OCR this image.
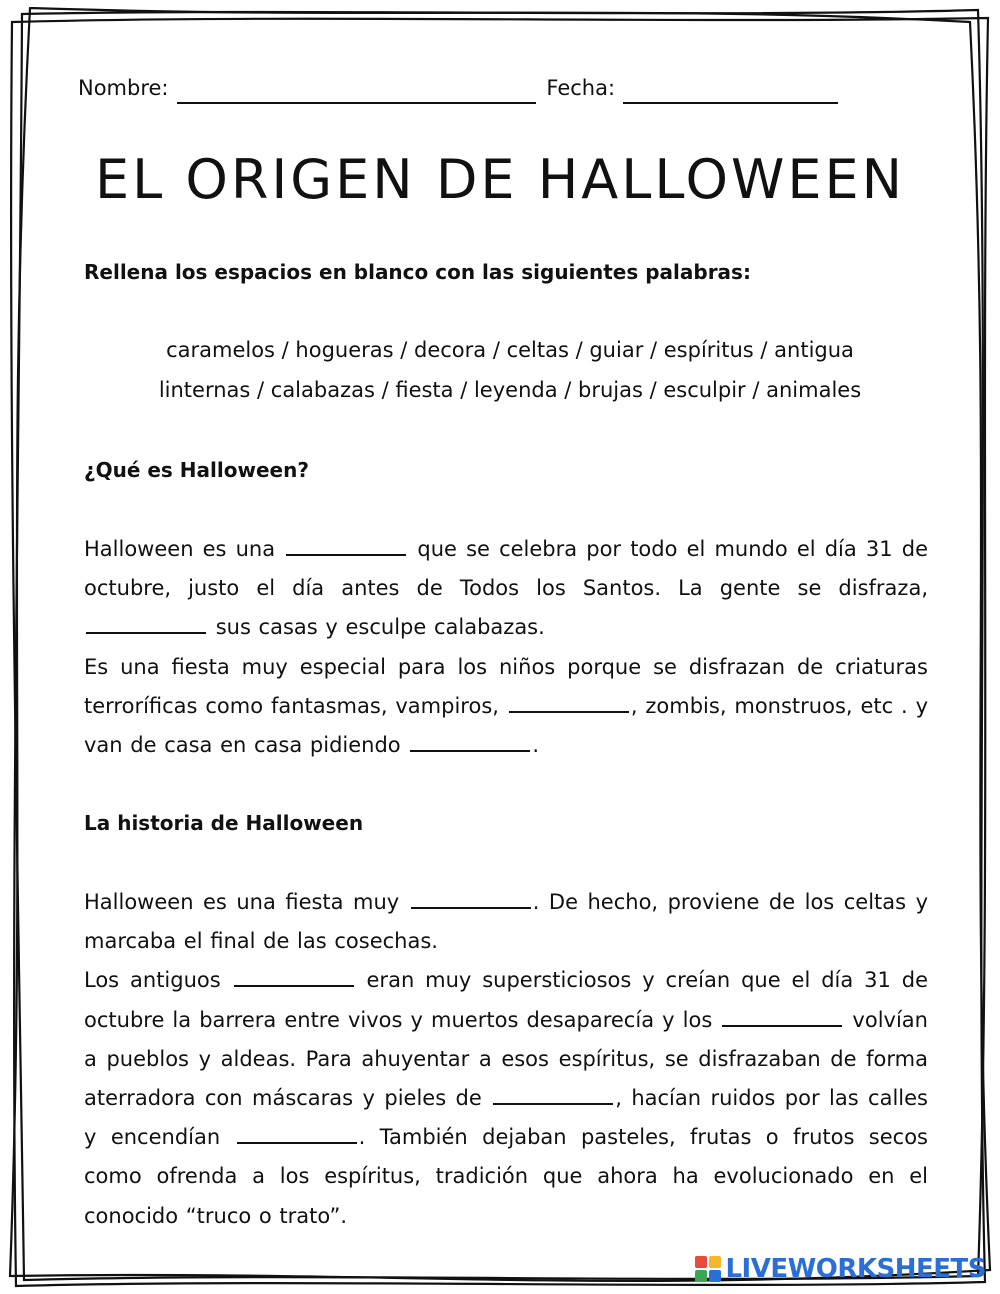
Nombre:	Fecha:
EL ORIGEN DE HALLOWEEN
Rellena los espacios en blanco con las siguientes palabras:
caramelos / hogueras / decora / celtas / guiar / espíritus / antigua
linternas / calabazas / fiesta / leyenda / brujas / esculpir / animales
¿Qué es Halloween?
Halloween es una	que se celebra por todo el mundo el día 31 de octubre, justo el día antes de Todos los Santos. La gente se disfraza,  sus casas y esculpe calabazas.
Es una fiesta muy especial para los niños porque se disfrazan de criaturas terroríficas como fantasmas, vampiros,	, zombis, monstruos, etc . y van de casa en casa pidiendo	.
La historia de Halloween
Halloween es una fiesta muy	. De hecho, proviene de los celtas y marcaba el final de las cosechas.
Los antiguos	eran muy supersticiosos y creían que el día 31 de octubre la barrera entre vivos y muertos desaparecía y los	volvían a pueblos y aldeas. Para ahuyentar a esos espíritus, se disfrazaban de forma aterradora con máscaras y pieles de	, hacían ruidos por las calles y encendían	. También dejaban pasteles, frutas o frutos secos como ofrenda a los espíritus, tradición que ahora ha evolucionado en el conocido “truco o trato”.
LIVEWORKSHEETS
